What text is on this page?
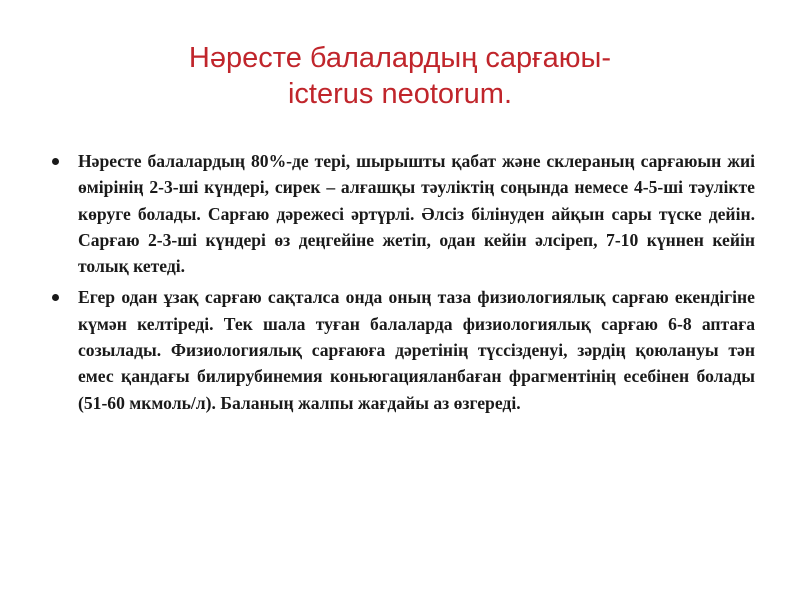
Нәресте балалардың сарғаюы-
icterus neotorum.
Нәресте балалардың 80%-де тері, шырышты қабат және склераның сарғаюын жиі өмірінің 2-3-ші күндері, сирек – алғашқы тәуліктің соңында немесе 4-5-ші тәулікте көруге болады. Сарғаю дәрежесі әртүрлі. Әлсіз білінуден айқын сары түске дейін. Сарғаю 2-3-ші күндері өз деңгейіне жетіп, одан кейін әлсіреп, 7-10 күннен кейін толық кетеді.
Егер одан ұзақ сарғаю сақталса онда оның таза физиологиялық сарғаю екендігіне күмән келтіреді. Тек шала туған балаларда физиологиялық сарғаю 6-8 аптаға созылады. Физиологиялық сарғаюға дәретінің түссізденуі, зәрдің қоюлануы тән емес қандағы билирубинемия коньюгацияланбаған фрагментінің есебінен болады (51-60 мкмоль/л). Баланың жалпы жағдайы аз өзгереді.
